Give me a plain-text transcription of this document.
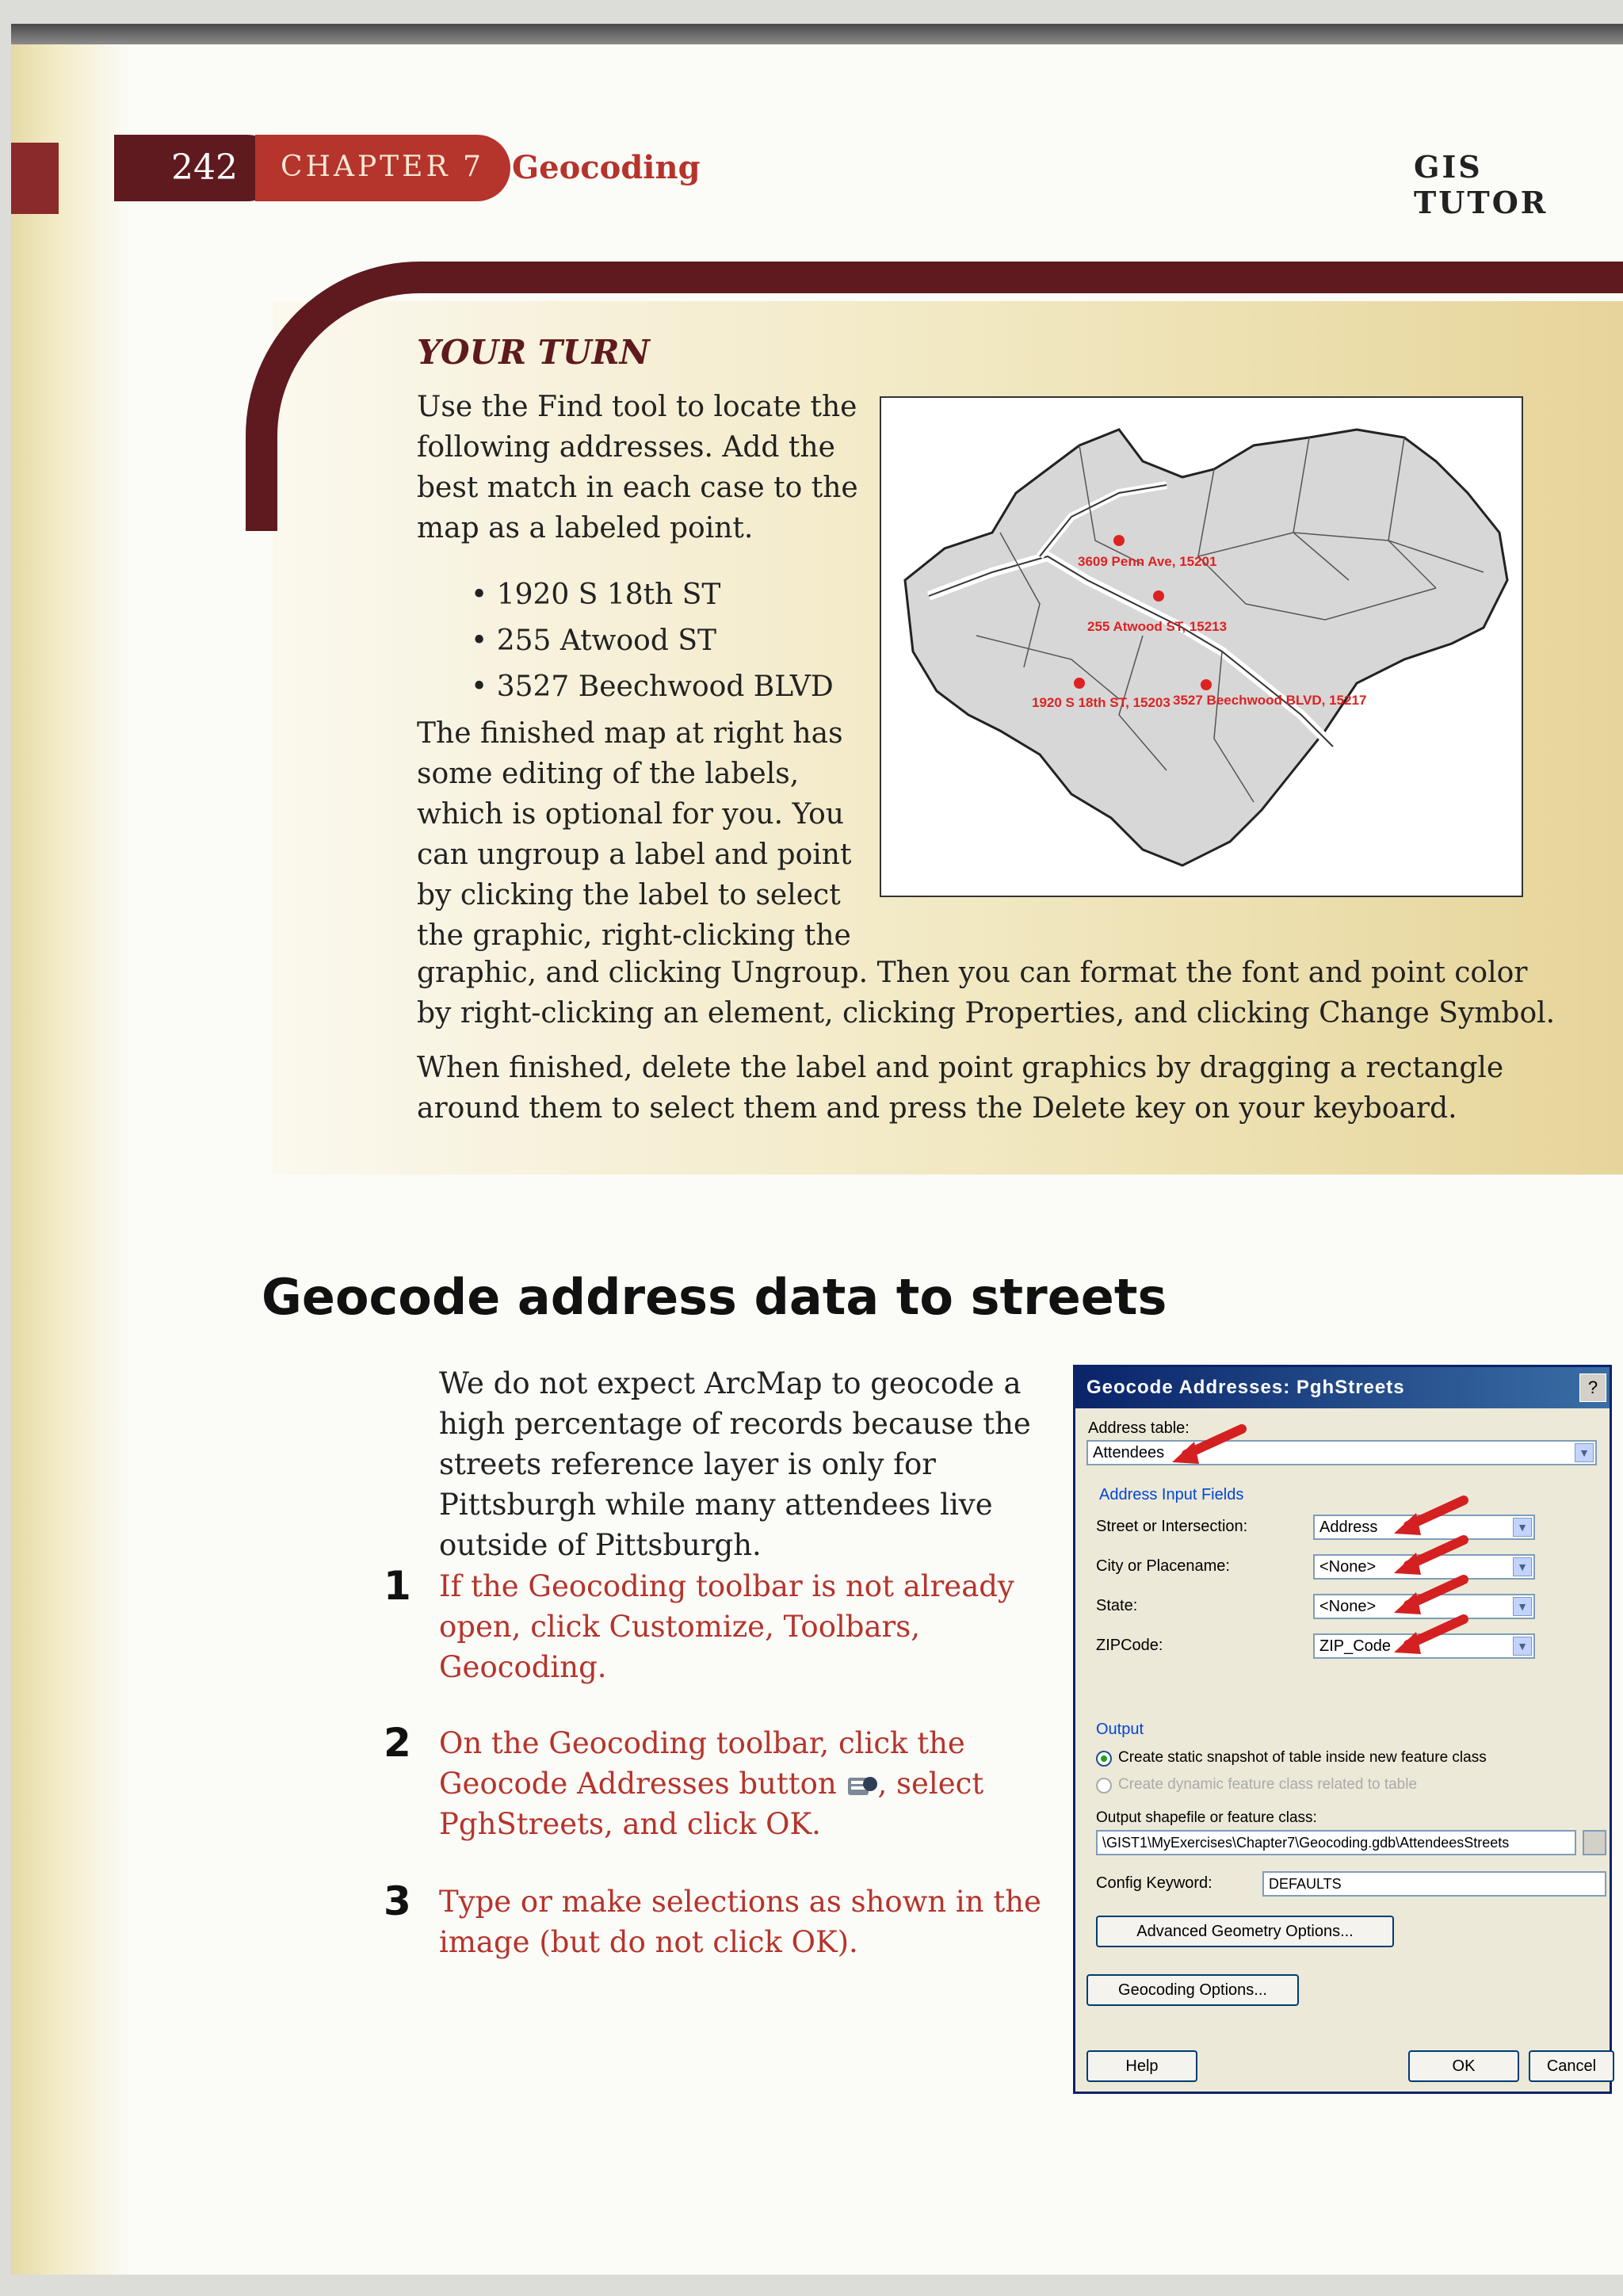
242 CHAPTER 7 Geocoding	GIS TUTOR
YOUR TURN
Use the Find tool to locate the following addresses. Add the best match in each case to the map as a labeled point.
• 1920 S 18th ST
• 255 Atwood ST
• 3527 Beechwood BLVD
The finished map at right has some editing of the labels, which is optional for you. You can ungroup a label and point by clicking the label to select the graphic, right-clicking the
graphic, and clicking Ungroup. Then you can format the font and point color by right-clicking an element, clicking Properties, and clicking Change Symbol.
When finished, delete the label and point graphics by dragging a rectangle around them to select them and press the Delete key on your keyboard.
3609 Penn Ave, 15201
255 Atwood ST, 15213
1920 S 18th ST, 15203 3527 Beechwood BLVD, 15217
Geocode address data to streets
We do not expect ArcMap to geocode a high percentage of records because the streets reference layer is only for Pittsburgh while many attendees live outside of Pittsburgh.
1 If the Geocoding toolbar is not already open, click Customize, Toolbars, Geocoding.
2 On the Geocoding toolbar, click the Geocode Addresses button , select PghStreets, and click OK.
3 Type or make selections as shown in the image (but do not click OK).
Geocode Addresses: PghStreets	?
Address table:
Attendees	▼
Address Input Fields
Street or Intersection:	Address	▼
City or Placename:	<None>	▼
State:	<None>	▼
ZIPCode:	ZIP_Code	▼
Output
Create static snapshot of table inside new feature class
Create dynamic feature class related to table
Output shapefile or feature class:
\GIST1\MyExercises\Chapter7\Geocoding.gdb\AttendeesStreets
Config Keyword:	DEFAULTS
Advanced Geometry Options...
Geocoding Options...
Help	OK	Cancel
